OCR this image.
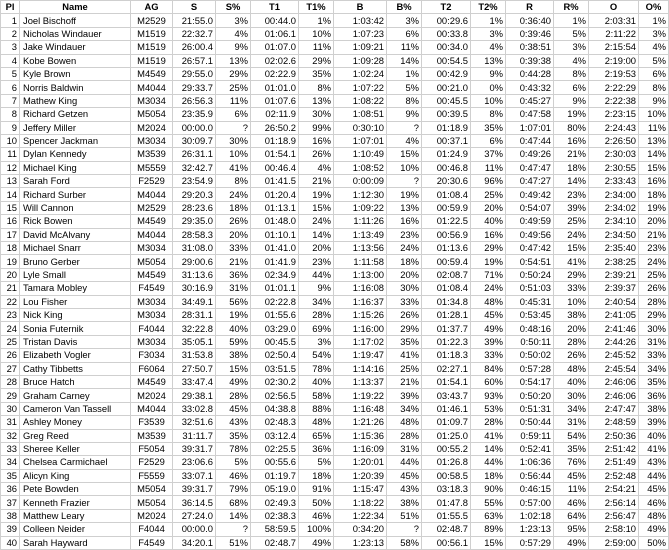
Pl	Name	AG	S	S%	T1	T1%	B	B%	T2	T2%	R	R%	O	O%
1	Joel Bischoff	M2529	21:55.0	3%	00:44.0	1%	1:03:42	3%	00:29.6	1%	0:36:40	1%	2:03:31	1%
2	Nicholas Windauer	M1519	22:32.7	4%	01:06.1	10%	1:07:23	6%	00:33.8	3%	0:39:46	5%	2:11:22	3%
3	Jake Windauer	M1519	26:00.4	9%	01:07.0	11%	1:09:21	11%	00:34.0	4%	0:38:51	3%	2:15:54	4%
4	Kobe Bowen	M1519	26:57.1	13%	02:02.6	29%	1:09:28	14%	00:54.5	13%	0:39:38	4%	2:19:00	5%
5	Kyle Brown	M4549	29:55.0	29%	02:22.9	35%	1:02:24	1%	00:42.9	9%	0:44:28	8%	2:19:53	6%
6	Norris Baldwin	M4044	29:33.7	25%	01:01.0	8%	1:07:22	5%	00:21.0	0%	0:43:32	6%	2:22:29	8%
7	Mathew King	M3034	26:56.3	11%	01:07.6	13%	1:08:22	8%	00:45.5	10%	0:45:27	9%	2:22:38	9%
8	Richard Getzen	M5054	23:35.9	6%	02:11.9	30%	1:08:51	9%	00:39.5	8%	0:47:58	19%	2:23:15	10%
9	Jeffery Miller	M2024	00:00.0	?	26:50.2	99%	0:30:10	?	01:18.9	35%	1:07:01	80%	2:24:43	11%
10	Spencer Jackman	M3034	30:09.7	30%	01:18.9	16%	1:07:01	4%	00:37.1	6%	0:47:44	16%	2:26:50	13%
11	Dylan Kennedy	M3539	26:31.1	10%	01:54.1	26%	1:10:49	15%	01:24.9	37%	0:49:26	21%	2:30:03	14%
12	Michael King	M5559	32:42.7	41%	00:46.4	4%	1:08:52	10%	00:46.8	11%	0:47:47	18%	2:30:55	15%
13	Sarah Ford	F2529	23:54.9	8%	01:41.5	21%	0:00:09	?	20:30.6	96%	0:47:27	14%	2:33:43	16%
14	Richard Surber	M4044	29:20.3	24%	01:20.4	19%	1:12:30	19%	01:08.4	25%	0:49:42	23%	2:34:00	18%
15	Will Cannon	M2529	28:23.6	18%	01:13.1	15%	1:09:22	13%	00:59.9	20%	0:54:07	39%	2:34:02	19%
16	Rick Bowen	M4549	29:35.0	26%	01:48.0	24%	1:11:26	16%	01:22.5	40%	0:49:59	25%	2:34:10	20%
17	David McAlvany	M4044	28:58.3	20%	01:10.1	14%	1:13:49	23%	00:56.9	16%	0:49:56	24%	2:34:50	21%
18	Michael Snarr	M3034	31:08.0	33%	01:41.0	20%	1:13:56	24%	01:13.6	29%	0:47:42	15%	2:35:40	23%
19	Bruno Gerber	M5054	29:00.6	21%	01:41.9	23%	1:11:58	18%	00:59.4	19%	0:54:51	41%	2:38:25	24%
20	Lyle Small	M4549	31:13.6	36%	02:34.9	44%	1:13:00	20%	02:08.7	71%	0:50:24	29%	2:39:21	25%
21	Tamara Mobley	F4549	30:16.9	31%	01:01.1	9%	1:16:08	30%	01:08.4	24%	0:51:03	33%	2:39:37	26%
22	Lou Fisher	M3034	34:49.1	56%	02:22.8	34%	1:16:37	33%	01:34.8	48%	0:45:31	10%	2:40:54	28%
23	Nick King	M3034	28:31.1	19%	01:55.6	28%	1:15:26	26%	01:28.1	45%	0:53:45	38%	2:41:05	29%
24	Sonia Futernik	F4044	32:22.8	40%	03:29.0	69%	1:16:00	29%	01:37.7	49%	0:48:16	20%	2:41:46	30%
25	Tristan Davis	M3034	35:05.1	59%	00:45.5	3%	1:17:02	35%	01:22.3	39%	0:50:11	28%	2:44:26	31%
26	Elizabeth Vogler	F3034	31:53.8	38%	02:50.4	54%	1:19:47	41%	01:18.3	33%	0:50:02	26%	2:45:52	33%
27	Cathy Tibbetts	F6064	27:50.7	15%	03:51.5	78%	1:14:16	25%	02:27.1	84%	0:57:28	48%	2:45:54	34%
28	Bruce Hatch	M4549	33:47.4	49%	02:30.2	40%	1:13:37	21%	01:54.1	60%	0:54:17	40%	2:46:06	35%
29	Graham Carney	M2024	29:38.1	28%	02:56.5	58%	1:19:22	39%	03:43.7	93%	0:50:20	30%	2:46:06	36%
30	Cameron Van Tassell	M4044	33:02.8	45%	04:38.8	88%	1:16:48	34%	01:46.1	53%	0:51:31	34%	2:47:47	38%
31	Ashley Money	F3539	32:51.6	43%	02:48.3	48%	1:21:26	48%	01:09.7	28%	0:50:44	31%	2:48:59	39%
32	Greg Reed	M3539	31:11.7	35%	03:12.4	65%	1:15:36	28%	01:25.0	41%	0:59:11	54%	2:50:36	40%
33	Sheree Keller	F5054	39:31.7	78%	02:25.5	36%	1:16:09	31%	00:55.2	14%	0:52:41	35%	2:51:42	41%
34	Chelsea Carmichael	F2529	23:06.6	5%	00:55.6	5%	1:20:01	44%	01:26.8	44%	1:06:36	76%	2:51:49	43%
35	Alicyn King	F5559	33:07.1	46%	01:19.7	18%	1:20:39	45%	00:58.5	18%	0:56:44	45%	2:52:48	44%
36	Pete Bowden	M5054	39:31.7	79%	05:19.0	91%	1:15:47	43%	03:18.3	90%	0:46:15	11%	2:54:21	45%
37	Kenneth Frazier	M5054	36:14.5	68%	02:49.3	50%	1:18:22	38%	01:47.8	55%	0:57:00	46%	2:56:14	46%
38	Matthew Leary	M2024	27:24.0	14%	02:38.3	46%	1:22:34	51%	01:55.5	63%	1:02:18	64%	2:56:47	48%
39	Colleen Neider	F4044	00:00.0	?	58:59.5	100%	0:34:20	?	02:48.7	89%	1:23:13	95%	2:58:10	49%
40	Sarah Hayward	F4549	34:20.1	51%	02:48.7	49%	1:23:13	58%	00:56.1	15%	0:57:29	49%	2:59:00	50%
